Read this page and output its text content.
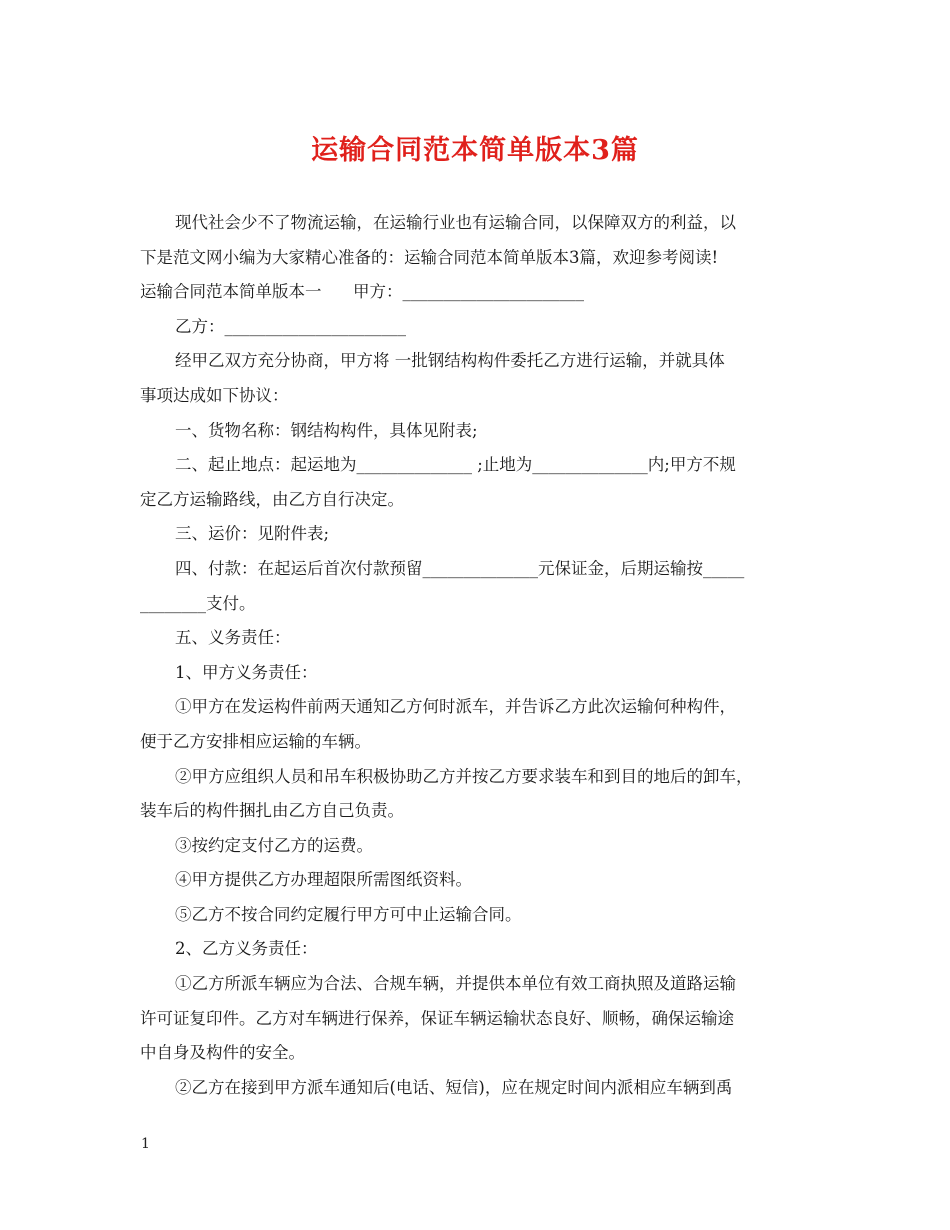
运输合同范本简单版本3篇
现代社会少不了物流运输，在运输行业也有运输合同，以保障双方的利益，以
下是范文网小编为大家精心准备的：运输合同范本简单版本3篇，欢迎参考阅读!
运输合同范本简单版本一      甲方：______________________
乙方：______________________
经甲乙双方充分协商，甲方将 一批钢结构构件委托乙方进行运输，并就具体
事项达成如下协议：
一、货物名称：钢结构构件，具体见附表;
二、起止地点：起运地为______________ ;止地为______________内;甲方不规
定乙方运输路线，由乙方自行决定。
三、运价：见附件表;
四、付款：在起运后首次付款预留______________元保证金，后期运输按_____
________支付。
五、义务责任：
1、甲方义务责任：
①甲方在发运构件前两天通知乙方何时派车，并告诉乙方此次运输何种构件，
便于乙方安排相应运输的车辆。
②甲方应组织人员和吊车积极协助乙方并按乙方要求装车和到目的地后的卸车，
装车后的构件捆扎由乙方自己负责。
③按约定支付乙方的运费。
④甲方提供乙方办理超限所需图纸资料。
⑤乙方不按合同约定履行甲方可中止运输合同。
2、乙方义务责任：
①乙方所派车辆应为合法、合规车辆，并提供本单位有效工商执照及道路运输
许可证复印件。乙方对车辆进行保养，保证车辆运输状态良好、顺畅，确保运输途
中自身及构件的安全。
②乙方在接到甲方派车通知后(电话、短信)，应在规定时间内派相应车辆到禹
1
